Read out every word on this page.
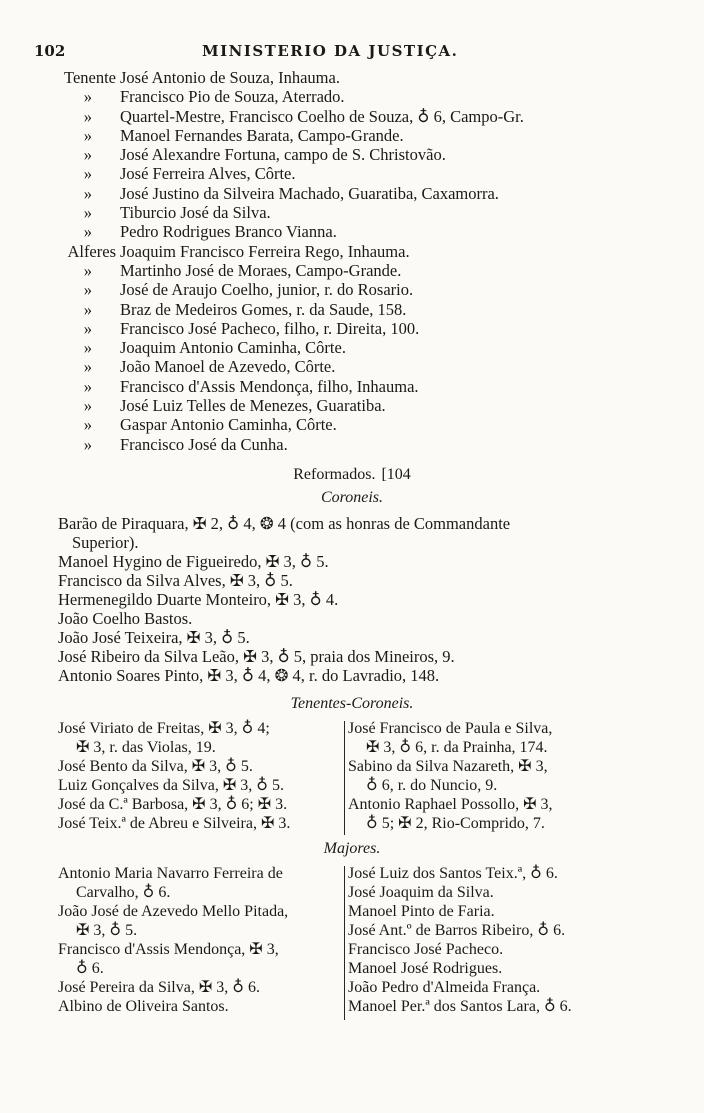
102	MINISTERIO DA JUSTIÇA.
Tenente José Antonio de Souza, Inhauma.
» Francisco Pio de Souza, Aterrado.
» Quartel-Mestre, Francisco Coelho de Souza, ♁ 6, Campo-Gr.
» Manoel Fernandes Barata, Campo-Grande.
» José Alexandre Fortuna, campo de S. Christovão.
» José Ferreira Alves, Côrte.
» José Justino da Silveira Machado, Guaratiba, Caxamorra.
» Tiburcio José da Silva.
» Pedro Rodrigues Branco Vianna.
Alferes Joaquim Francisco Ferreira Rego, Inhauma.
» Martinho José de Moraes, Campo-Grande.
» José de Araujo Coelho, junior, r. do Rosario.
» Braz de Medeiros Gomes, r. da Saude, 158.
» Francisco José Pacheco, filho, r. Direita, 100.
» Joaquim Antonio Caminha, Côrte.
» João Manoel de Azevedo, Côrte.
» Francisco d'Assis Mendonça, filho, Inhauma.
» José Luiz Telles de Menezes, Guaratiba.
» Gaspar Antonio Caminha, Côrte.
» Francisco José da Cunha.
Reformados. [104
Coroneis.
Barão de Piraquara, ✠ 2, ♁ 4, ❂ 4 (com as honras de Commandante
Superior).
Manoel Hygino de Figueiredo, ✠ 3, ♁ 5.
Francisco da Silva Alves, ✠ 3, ♁ 5.
Hermenegildo Duarte Monteiro, ✠ 3, ♁ 4.
João Coelho Bastos.
João José Teixeira, ✠ 3, ♁ 5.
José Ribeiro da Silva Leão, ✠ 3, ♁ 5, praia dos Mineiros, 9.
Antonio Soares Pinto, ✠ 3, ♁ 4, ❂ 4, r. do Lavradio, 148.
Tenentes-Coroneis.
José Viriato de Freitas, ✠ 3, ♁ 4;
✠ 3, r. das Violas, 19.
José Bento da Silva, ✠ 3, ♁ 5.
Luiz Gonçalves da Silva, ✠ 3, ♁ 5.
José da C.ª Barbosa, ✠ 3, ♁ 6; ✠ 3.
José Teix.ª de Abreu e Silveira, ✠ 3.
José Francisco de Paula e Silva,
✠ 3, ♁ 6, r. da Prainha, 174.
Sabino da Silva Nazareth, ✠ 3,
♁ 6, r. do Nuncio, 9.
Antonio Raphael Possollo, ✠ 3,
♁ 5; ✠ 2, Rio-Comprido, 7.
Majores.
Antonio Maria Navarro Ferreira de
Carvalho, ♁ 6.
João José de Azevedo Mello Pitada,
✠ 3, ♁ 5.
Francisco d'Assis Mendonça, ✠ 3,
♁ 6.
José Pereira da Silva, ✠ 3, ♁ 6.
Albino de Oliveira Santos.
José Luiz dos Santos Teix.ª, ♁ 6.
José Joaquim da Silva.
Manoel Pinto de Faria.
José Ant.º de Barros Ribeiro, ♁ 6.
Francisco José Pacheco.
Manoel José Rodrigues.
João Pedro d'Almeida França.
Manoel Per.ª dos Santos Lara, ♁ 6.
